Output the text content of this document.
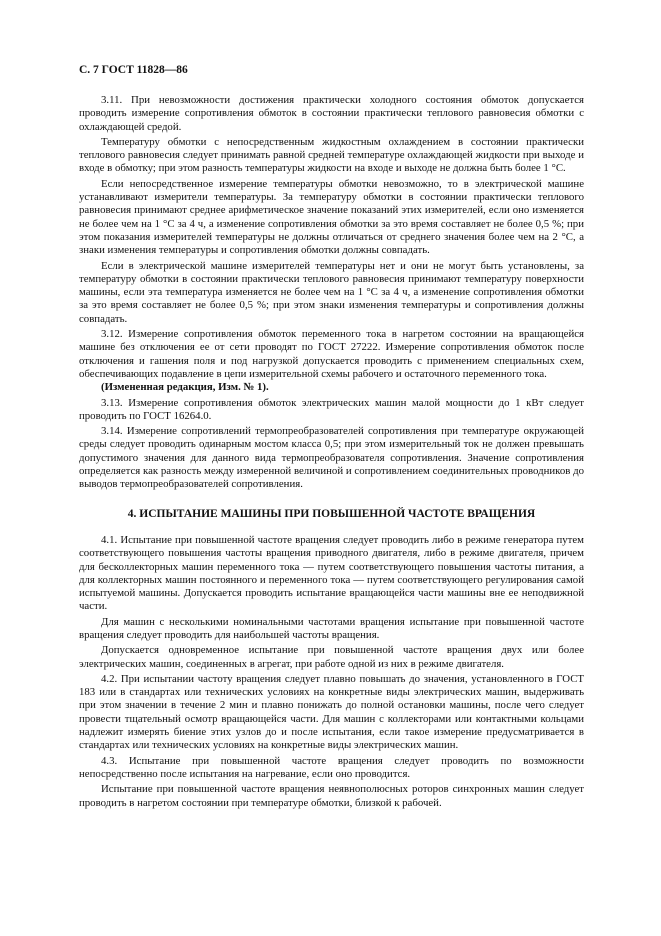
С. 7 ГОСТ 11828—86

3.11. При невозможности достижения практически холодного состояния обмоток допускается проводить измерение сопротивления обмоток в состоянии практически теплового равновесия обмотки с охлаждающей средой.

Температуру обмотки с непосредственным жидкостным охлаждением в состоянии практически теплового равновесия следует принимать равной средней температуре охлаждающей жидкости при выходе и входе в обмотку; при этом разность температуры жидкости на входе и выходе не должна быть более 1 °С.

Если непосредственное измерение температуры обмотки невозможно, то в электрической машине устанавливают измерители температуры. За температуру обмотки в состоянии практически теплового равновесия принимают среднее арифметическое значение показаний этих измерителей, если оно изменяется не более чем на 1 °С за 4 ч, а изменение сопротивления обмотки за это время составляет не более 0,5 %; при этом показания измерителей температуры не должны отличаться от среднего значения более чем на 2 °С, а знаки изменения температуры и сопротивления обмотки должны совпадать.

Если в электрической машине измерителей температуры нет и они не могут быть установлены, за температуру обмотки в состоянии практически теплового равновесия принимают температуру поверхности машины, если эта температура изменяется не более чем на 1 °С за 4 ч, а изменение сопротивления обмотки за это время составляет не более 0,5 %; при этом знаки изменения температуры и сопротивления должны совпадать.

3.12. Измерение сопротивления обмоток переменного тока в нагретом состоянии на вращающейся машине без отключения ее от сети проводят по ГОСТ 27222. Измерение сопротивления обмоток после отключения и гашения поля и под нагрузкой допускается проводить с применением специальных схем, обеспечивающих подавление в цепи измерительной схемы рабочего и остаточного переменного тока.

(Измененная редакция, Изм. № 1).

3.13. Измерение сопротивления обмоток электрических машин малой мощности до 1 кВт следует проводить по ГОСТ 16264.0.

3.14. Измерение сопротивлений термопреобразователей сопротивления при температуре окружающей среды следует проводить одинарным мостом класса 0,5; при этом измерительный ток не должен превышать допустимого значения для данного вида термопреобразователя сопротивления. Значение сопротивления определяется как разность между измеренной величиной и сопротивлением соединительных проводников до выводов термопреобразователей сопротивления.

4. ИСПЫТАНИЕ МАШИНЫ ПРИ ПОВЫШЕННОЙ ЧАСТОТЕ ВРАЩЕНИЯ

4.1. Испытание при повышенной частоте вращения следует проводить либо в режиме генератора путем соответствующего повышения частоты вращения приводного двигателя, либо в режиме двигателя, причем для бесколлекторных машин переменного тока — путем соответствующего повышения частоты питания, а для коллекторных машин постоянного и переменного тока — путем соответствующего регулирования самой испытуемой машины. Допускается проводить испытание вращающейся части машины вне ее неподвижной части.

Для машин с несколькими номинальными частотами вращения испытание при повышенной частоте вращения следует проводить для наибольшей частоты вращения.

Допускается одновременное испытание при повышенной частоте вращения двух или более электрических машин, соединенных в агрегат, при работе одной из них в режиме двигателя.

4.2. При испытании частоту вращения следует плавно повышать до значения, установленного в ГОСТ 183 или в стандартах или технических условиях на конкретные виды электрических машин, выдерживать при этом значении в течение 2 мин и плавно понижать до полной остановки машины, после чего следует провести тщательный осмотр вращающейся части. Для машин с коллекторами или контактными кольцами надлежит измерять биение этих узлов до и после испытания, если такое измерение предусматривается в стандартах или технических условиях на конкретные виды электрических машин.

4.3. Испытание при повышенной частоте вращения следует проводить по возможности непосредственно после испытания на нагревание, если оно проводится.

Испытание при повышенной частоте вращения неявнополюсных роторов синхронных машин следует проводить в нагретом состоянии при температуре обмотки, близкой к рабочей.
